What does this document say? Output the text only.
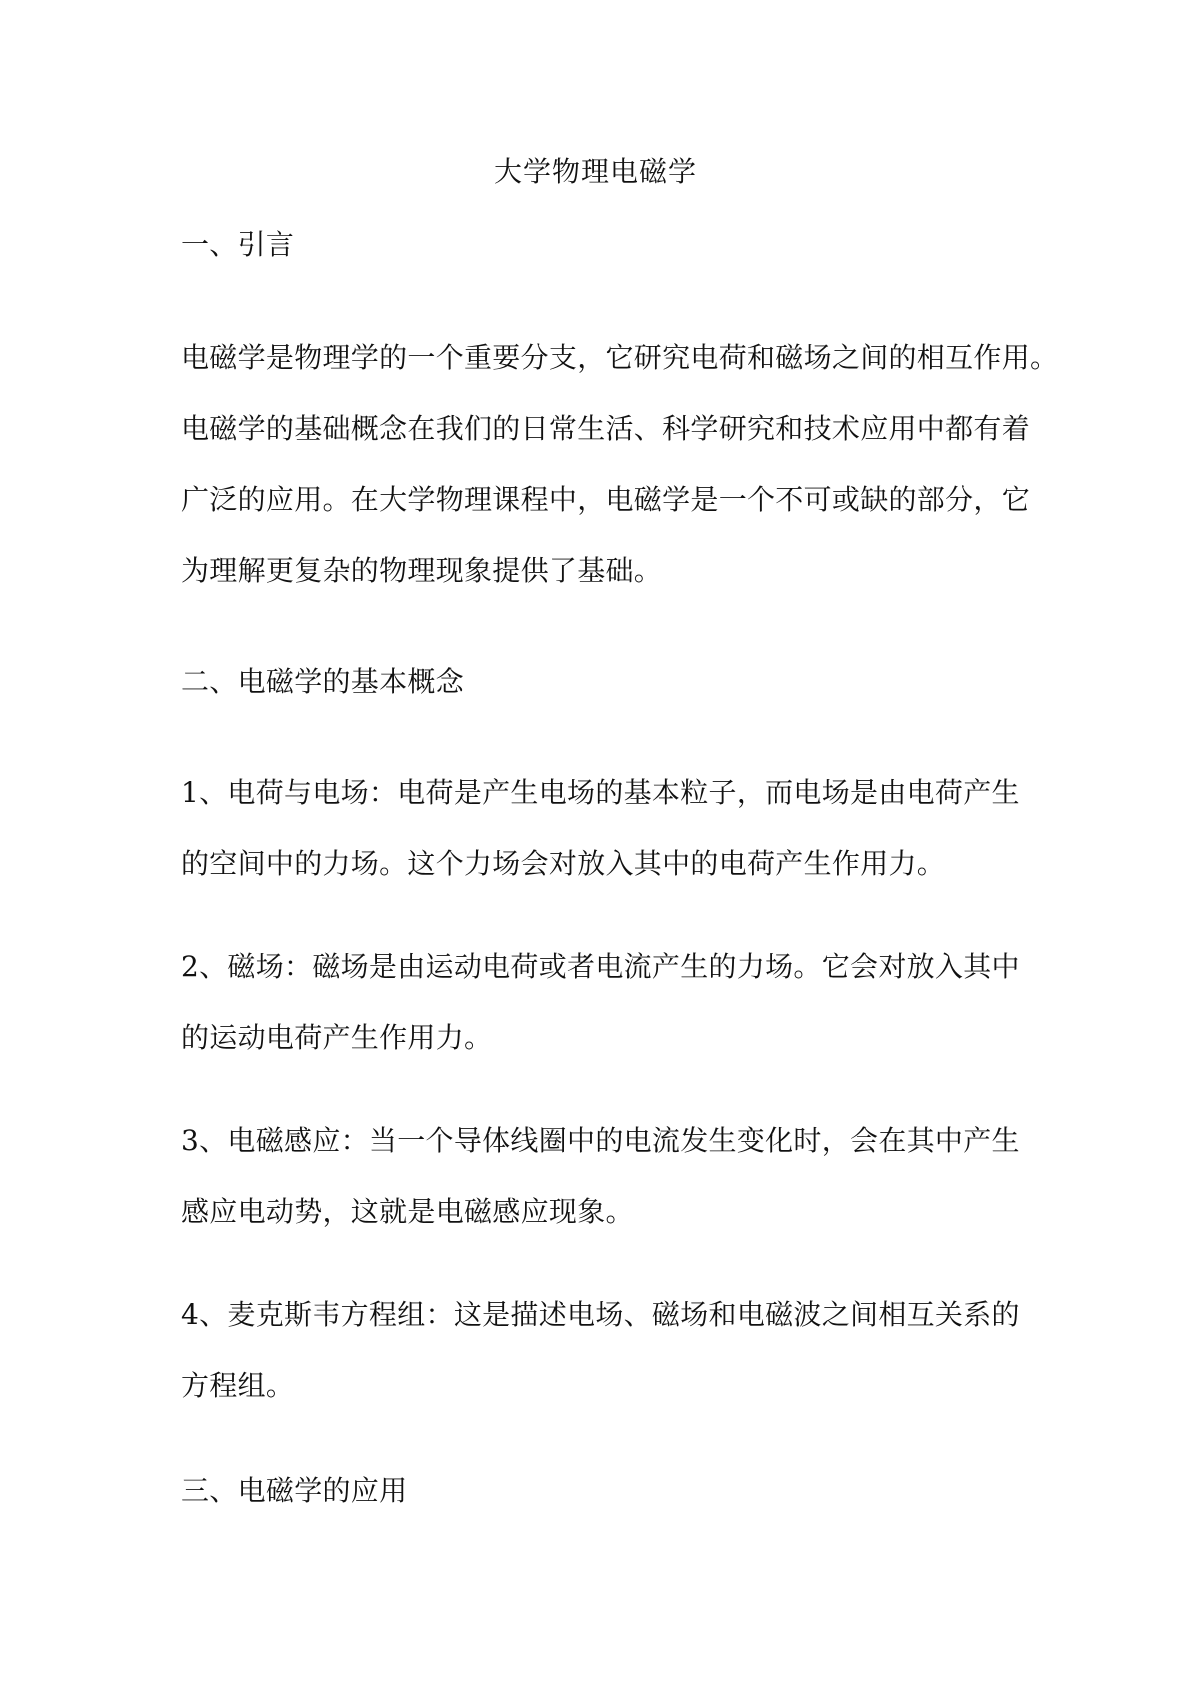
大学物理电磁学
一、引言
电磁学是物理学的一个重要分支，它研究电荷和磁场之间的相互作用。
电磁学的基础概念在我们的日常生活、科学研究和技术应用中都有着
广泛的应用。在大学物理课程中，电磁学是一个不可或缺的部分，它
为理解更复杂的物理现象提供了基础。
二、电磁学的基本概念
1、电荷与电场：电荷是产生电场的基本粒子，而电场是由电荷产生
的空间中的力场。这个力场会对放入其中的电荷产生作用力。
2、磁场：磁场是由运动电荷或者电流产生的力场。它会对放入其中
的运动电荷产生作用力。
3、电磁感应：当一个导体线圈中的电流发生变化时，会在其中产生
感应电动势，这就是电磁感应现象。
4、麦克斯韦方程组：这是描述电场、磁场和电磁波之间相互关系的
方程组。
三、电磁学的应用
